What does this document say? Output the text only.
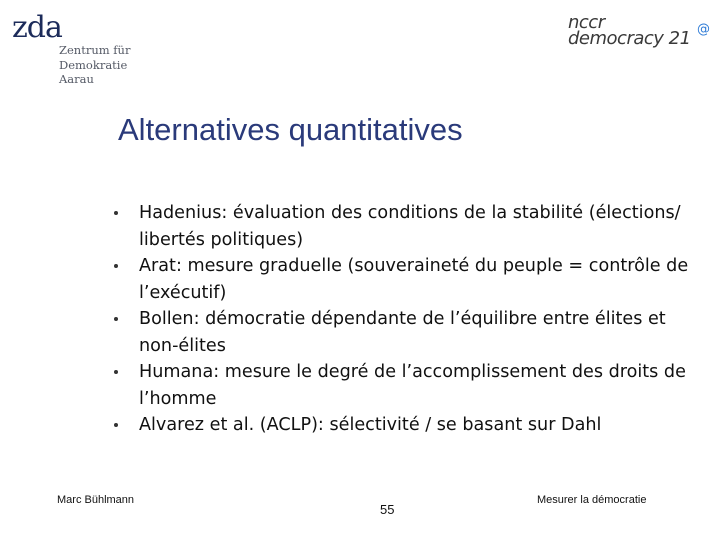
zda
Zentrum für
Demokratie
Aarau
nccr
democracy 21 @
Alternatives quantitatives
Hadenius: évaluation des conditions de la stabilité (élections/ libertés politiques)
Arat: mesure graduelle (souveraineté du peuple = contrôle de l’exécutif)
Bollen: démocratie dépendante de l’équilibre entre élites et non-élites
Humana: mesure le degré de l’accomplissement des droits de l’homme
Alvarez et al. (ACLP): sélectivité / se basant sur Dahl
Marc Bühlmann
55
Mesurer la démocratie
